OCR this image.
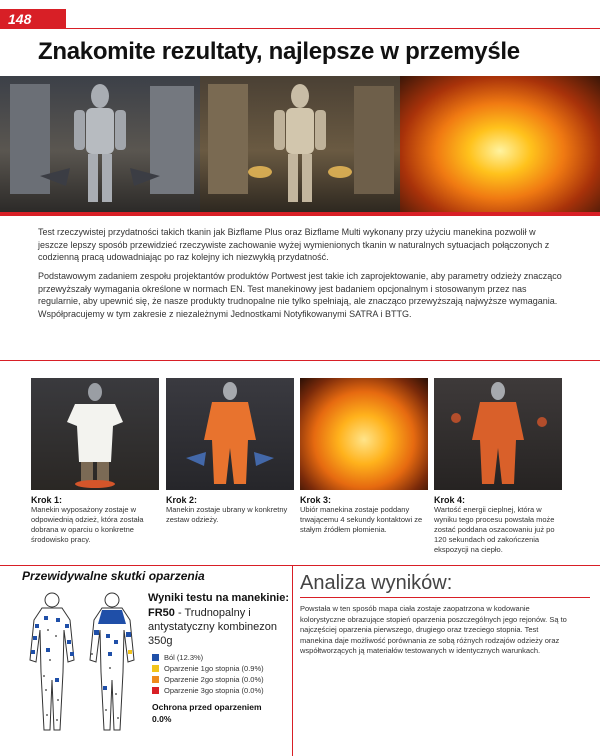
148
Znakomite rezultaty, najlepsze w przemyśle

Test rzeczywistej przydatności takich tkanin jak Bizflame Plus oraz Bizflame Multi wykonany przy użyciu manekina pozwolił w jeszcze lepszy sposób przewidzieć rzeczywiste zachowanie wyżej wymienionych tkanin w naturalnych sytuacjach połączonych z codzienną pracą udowadniając po raz kolejny ich niezwykłą przydatność.

Podstawowym zadaniem zespołu projektantów produktów Portwest jest takie ich zaprojektowanie, aby parametry odzieży znacząco przewyższały wymagania określone w normach EN. Test manekinowy jest badaniem opcjonalnym i stosowanym przez nas regularnie, aby upewnić się, że nasze produkty trudnopalne nie tylko spełniają, ale znacząco przewyższają najwyższe wymagania. Współpracujemy w tym zakresie z niezależnymi Jednostkami Notyfikowanymi SATRA i BTTG.

Krok 1:
Manekin wyposażony zostaje w odpowiednią odzież, która została dobrana w oparciu o konkretne środowisko pracy.
Krok 2:
Manekin zostaje ubrany w konkretny zestaw odzieży.
Krok 3:
Ubiór manekina zostaje poddany trwającemu 4 sekundy kontaktowi ze stałym źródłem płomienia.
Krok 4:
Wartość energii cieplnej, która w wyniku tego procesu powstała może zostać poddana oszacowaniu już po 120 sekundach od zakończenia ekspozycji na ciepło.
Przewidywalne skutki oparzenia
Wyniki testu na manekinie:
FR50 - Trudnopalny i antystatyczny kombinezon 350g
Ból (12.3%)
Oparzenie 1go stopnia (0.9%)
Oparzenie 2go stopnia (0.0%)
Oparzenie 3go stopnia (0.0%)
Ochrona przed oparzeniem
0.0%
Analiza wyników:
Powstała w ten sposób mapa ciała zostaje zaopatrzona w kodowanie kolorystyczne obrazujące stopień oparzenia poszczególnych jego rejonów. Są to najczęściej oparzenia pierwszego, drugiego oraz trzeciego stopnia. Test manekina daje możliwość porównania ze sobą różnych rodzajów odzieży oraz współtworzących ją materiałów testowanych w identycznych warunkach.
